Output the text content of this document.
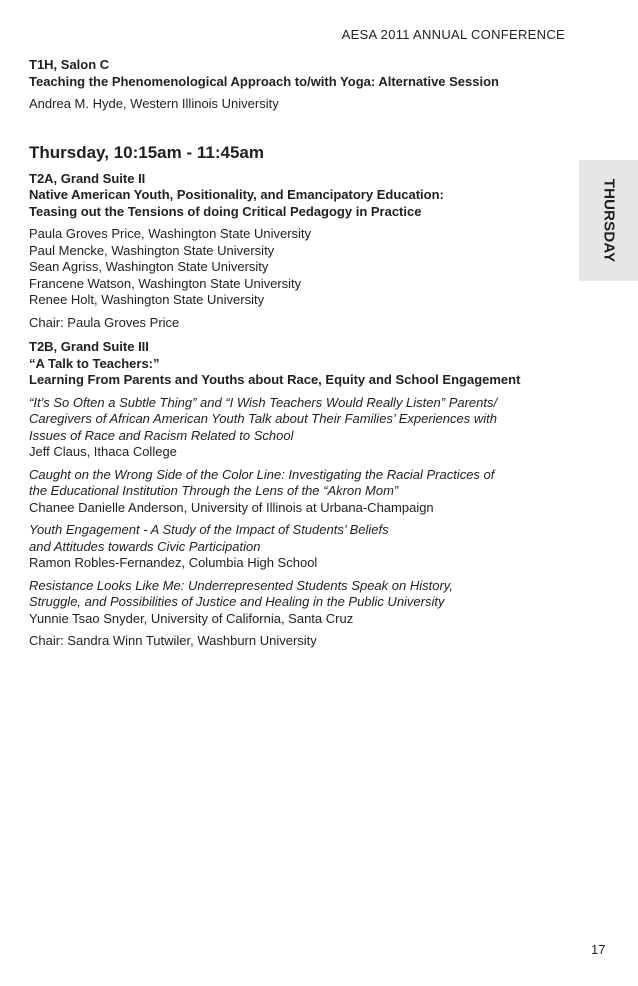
AESA 2011 ANNUAL CONFERENCE
THURSDAY

T1H, Salon C

Teaching the Phenomenological Approach to/with Yoga: Alternative Session

Andrea M. Hyde, Western Illinois University

Thursday, 10:15am - 11:45am

T2A, Grand Suite II

Native American Youth, Positionality, and Emancipatory Education:

Teasing out the Tensions of doing Critical Pedagogy in Practice

Paula Groves Price, Washington State University

Paul Mencke, Washington State University

Sean Agriss, Washington State University

Francene Watson, Washington State University

Renee Holt, Washington State University

Chair: Paula Groves Price

T2B, Grand Suite III

“A Talk to Teachers:”

Learning From Parents and Youths about Race, Equity and School Engagement

“It’s So Often a Subtle Thing” and “I Wish Teachers Would Really Listen” Parents/

Caregivers of African American Youth Talk about Their Families’ Experiences with

Issues of Race and Racism Related to School

Jeff Claus, Ithaca College

Caught on the Wrong Side of the Color Line: Investigating the Racial Practices of

the Educational Institution Through the Lens of the “Akron Mom”

Chanee Danielle Anderson, University of Illinois at Urbana-Champaign

Youth Engagement - A Study of the Impact of Students’ Beliefs

and Attitudes towards Civic Participation

Ramon Robles-Fernandez, Columbia High School

Resistance Looks Like Me: Underrepresented Students Speak on History,

Struggle, and Possibilities of Justice and Healing in the Public University

Yunnie Tsao Snyder, University of California, Santa Cruz

Chair: Sandra Winn Tutwiler, Washburn University

17
